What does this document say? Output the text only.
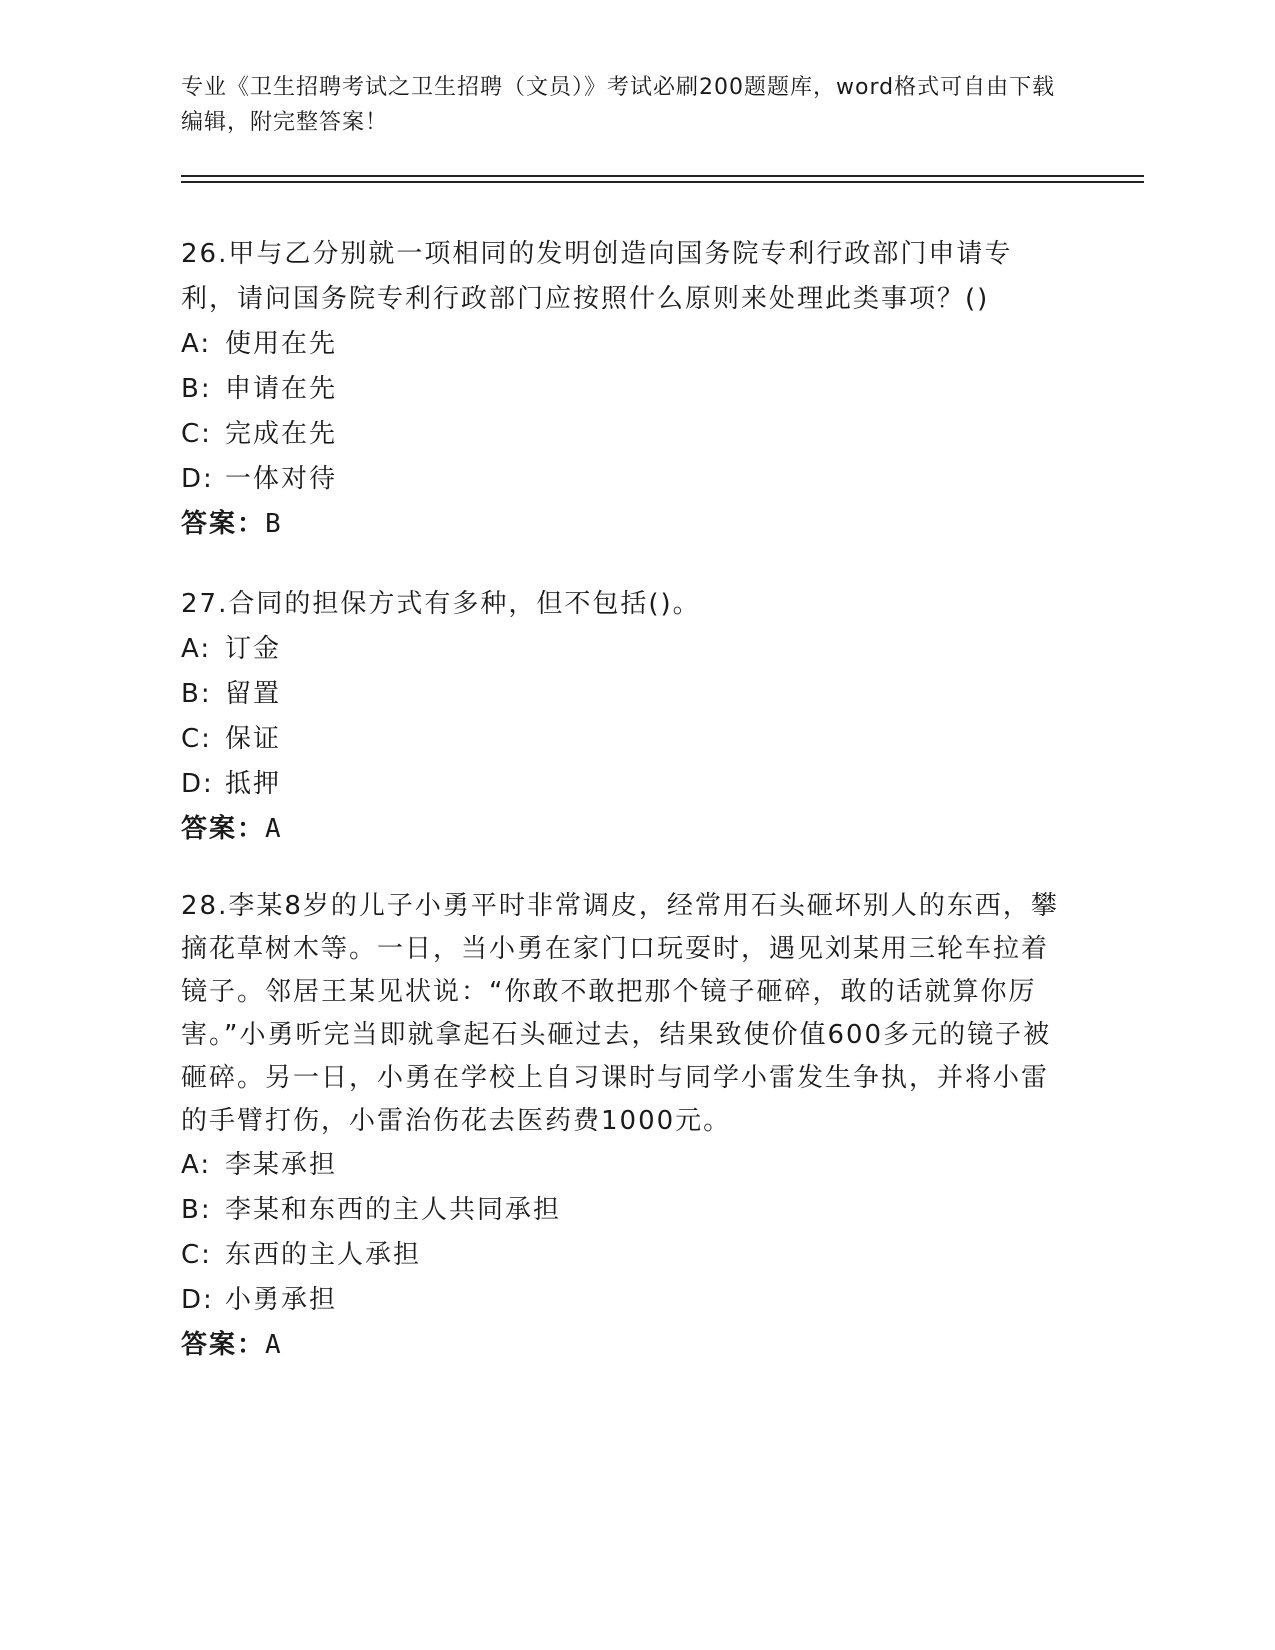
专业《卫生招聘考试之卫生招聘（文员）》考试必刷200题题库，word格式可自由下载编辑，附完整答案！

26.甲与乙分别就一项相同的发明创造向国务院专利行政部门申请专利，请问国务院专利行政部门应按照什么原则来处理此类事项？()

A: 使用在先

B: 申请在先

C: 完成在先

D: 一体对待

答案：B

27.合同的担保方式有多种，但不包括()。

A: 订金

B: 留置

C: 保证

D: 抵押

答案：A

28.李某8岁的儿子小勇平时非常调皮，经常用石头砸坏别人的东西，攀摘花草树木等。一日，当小勇在家门口玩耍时，遇见刘某用三轮车拉着镜子。邻居王某见状说：“你敢不敢把那个镜子砸碎，敢的话就算你厉害。”小勇听完当即就拿起石头砸过去，结果致使价值600多元的镜子被砸碎。另一日，小勇在学校上自习课时与同学小雷发生争执，并将小雷的手臂打伤，小雷治伤花去医药费1000元。

A: 李某承担

B: 李某和东西的主人共同承担

C: 东西的主人承担

D: 小勇承担

答案：A
